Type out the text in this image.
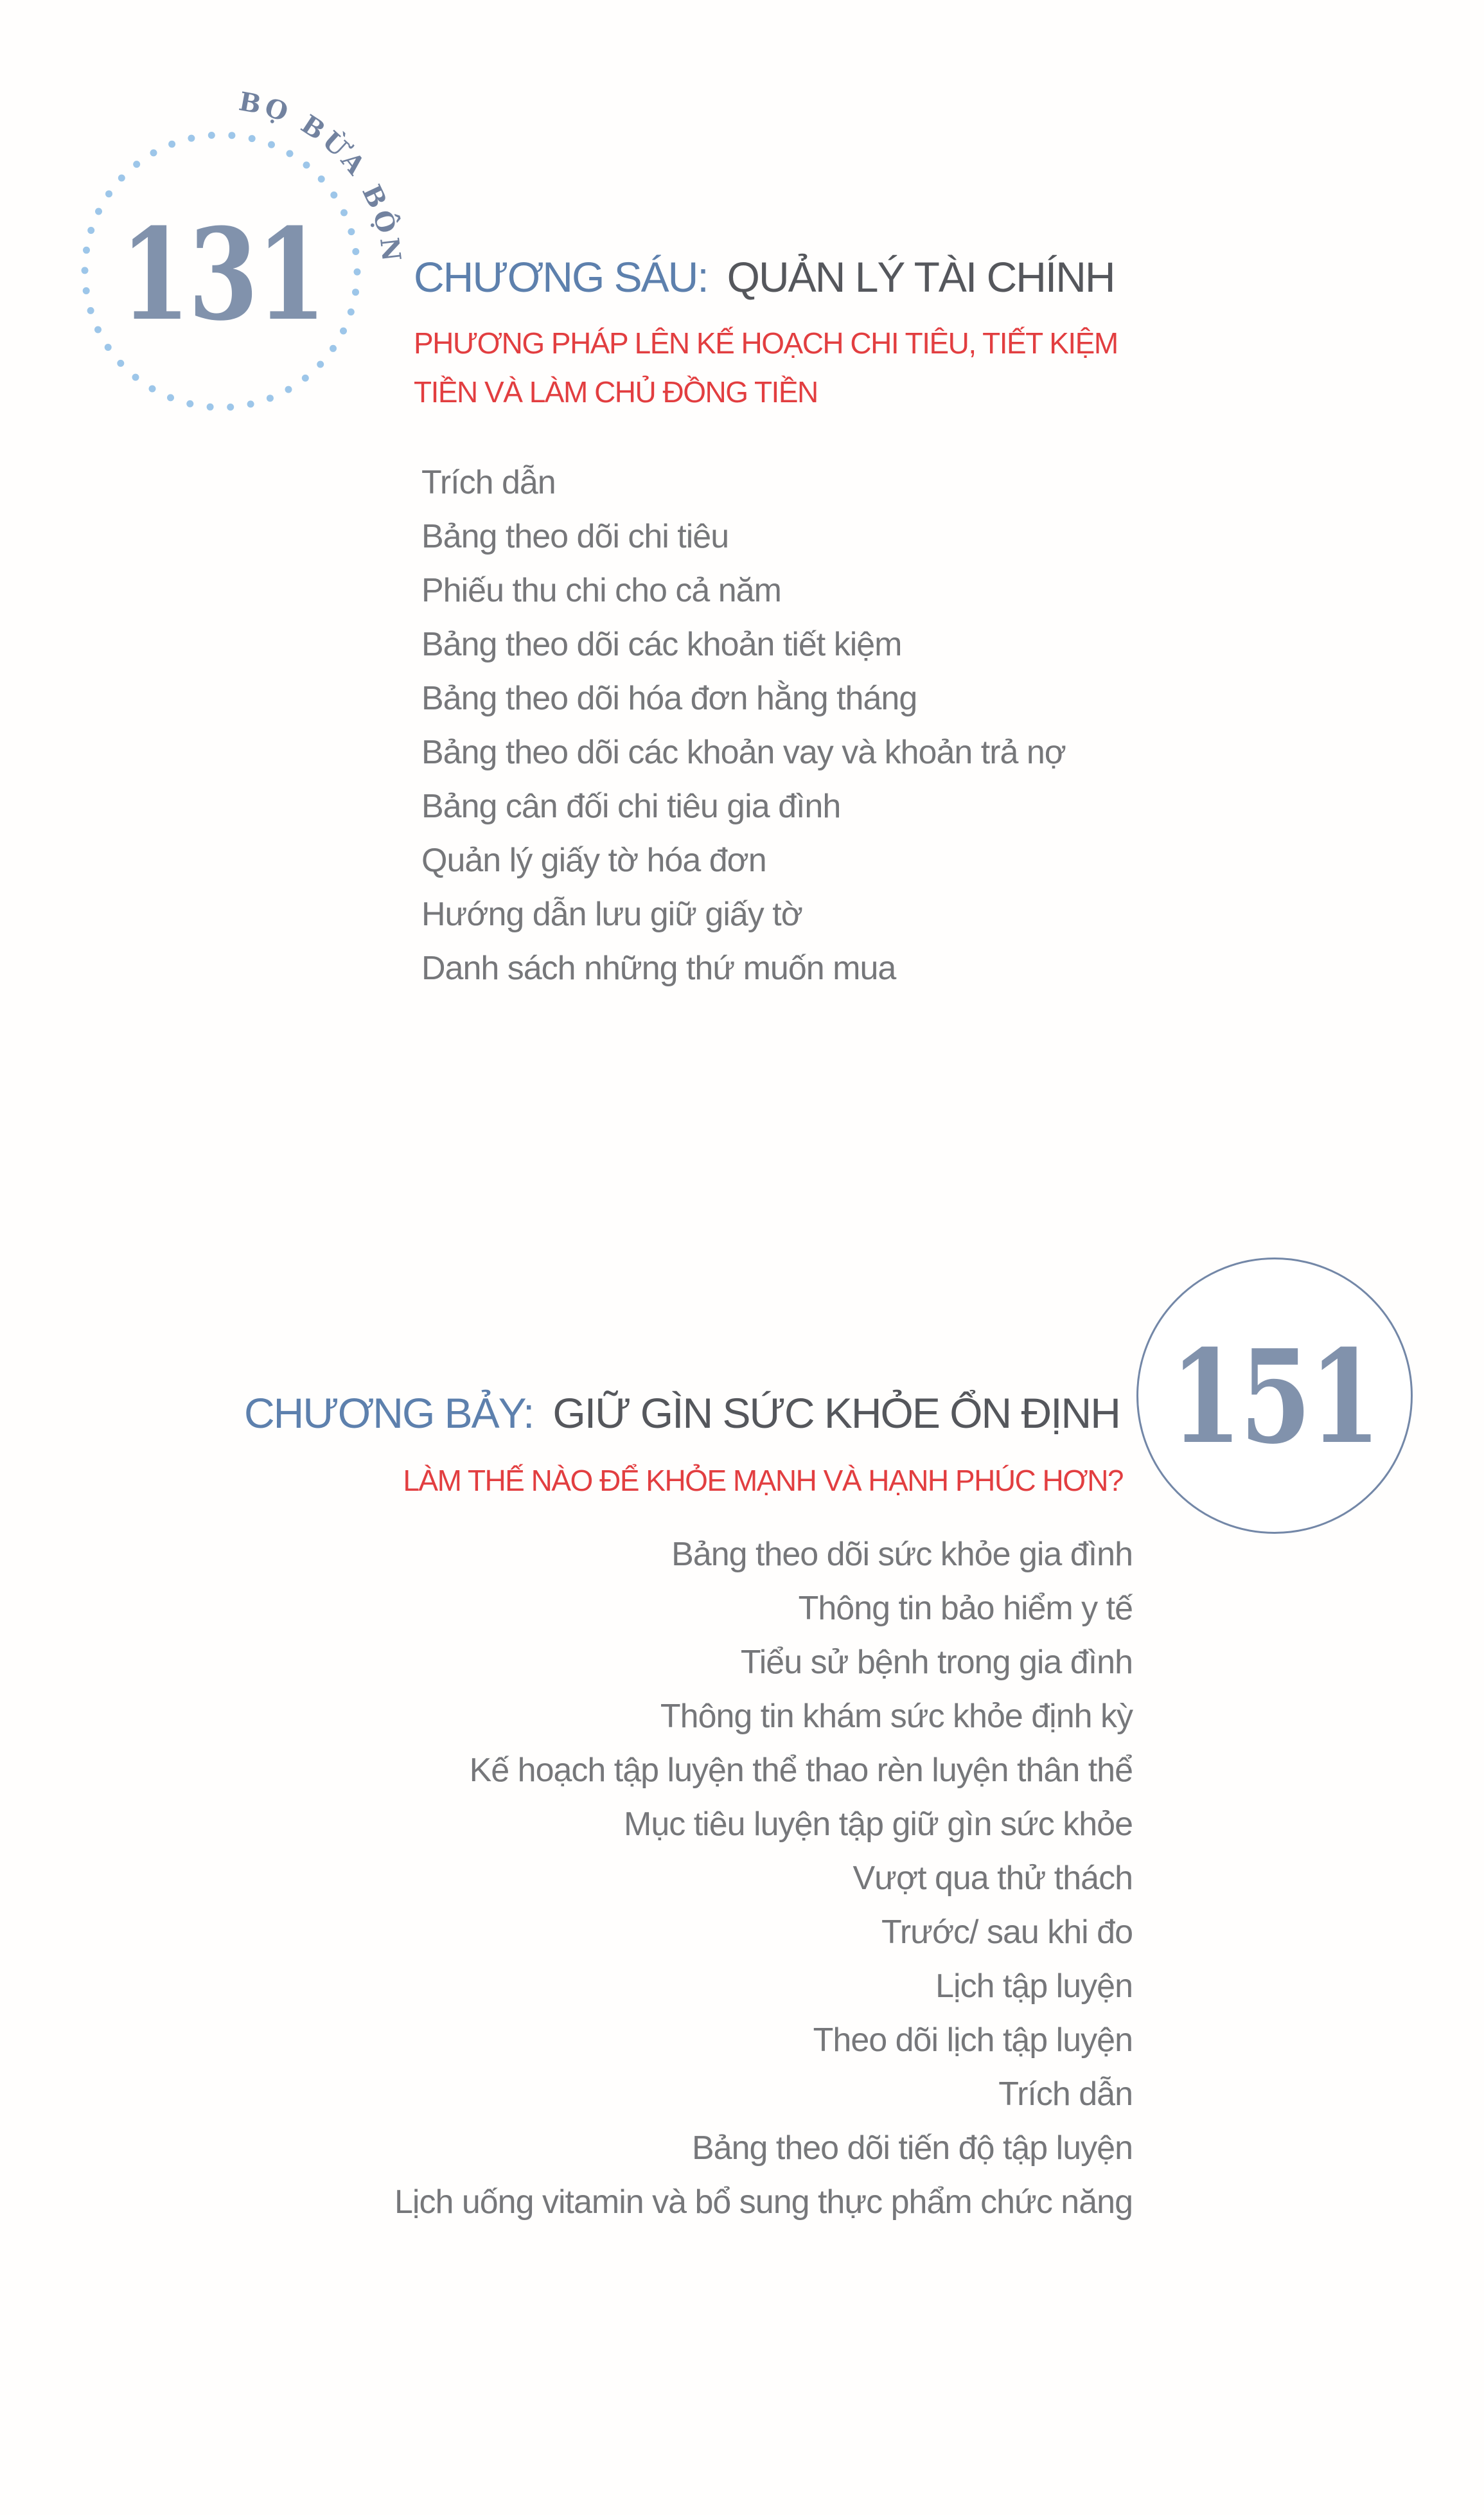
BỌ BỪA BỘN
131 CHƯƠNG SÁU: QUẢN LÝ TÀI CHÍNH
PHƯƠNG PHÁP LÊN KẾ HOẠCH CHI TIÊU, TIẾT KIỆM
TIỀN VÀ LÀM CHỦ ĐỒNG TIỀN
Trích dẫn
Bảng theo dõi chi tiêu
Phiếu thu chi cho cả năm
Bảng theo dõi các khoản tiết kiệm
Bảng theo dõi hóa đơn hằng tháng
Bảng theo dõi các khoản vay và khoản trả nợ
Bảng cân đối chi tiêu gia đình
Quản lý giấy tờ hóa đơn
Hướng dẫn lưu giữ giấy tờ
Danh sách những thứ muốn mua
CHƯƠNG BẢY: GIỮ GÌN SỨC KHỎE ỔN ĐỊNH 151
LÀM THẾ NÀO ĐỂ KHỎE MẠNH VÀ HẠNH PHÚC HƠN?
Bảng theo dõi sức khỏe gia đình
Thông tin bảo hiểm y tế
Tiểu sử bệnh trong gia đình
Thông tin khám sức khỏe định kỳ
Kế hoạch tập luyện thể thao rèn luyện thân thể
Mục tiêu luyện tập giữ gìn sức khỏe
Vượt qua thử thách
Trước/ sau khi đo
Lịch tập luyện
Theo dõi lịch tập luyện
Trích dẫn
Bảng theo dõi tiến độ tập luyện
Lịch uống vitamin và bổ sung thực phẩm chức năng
